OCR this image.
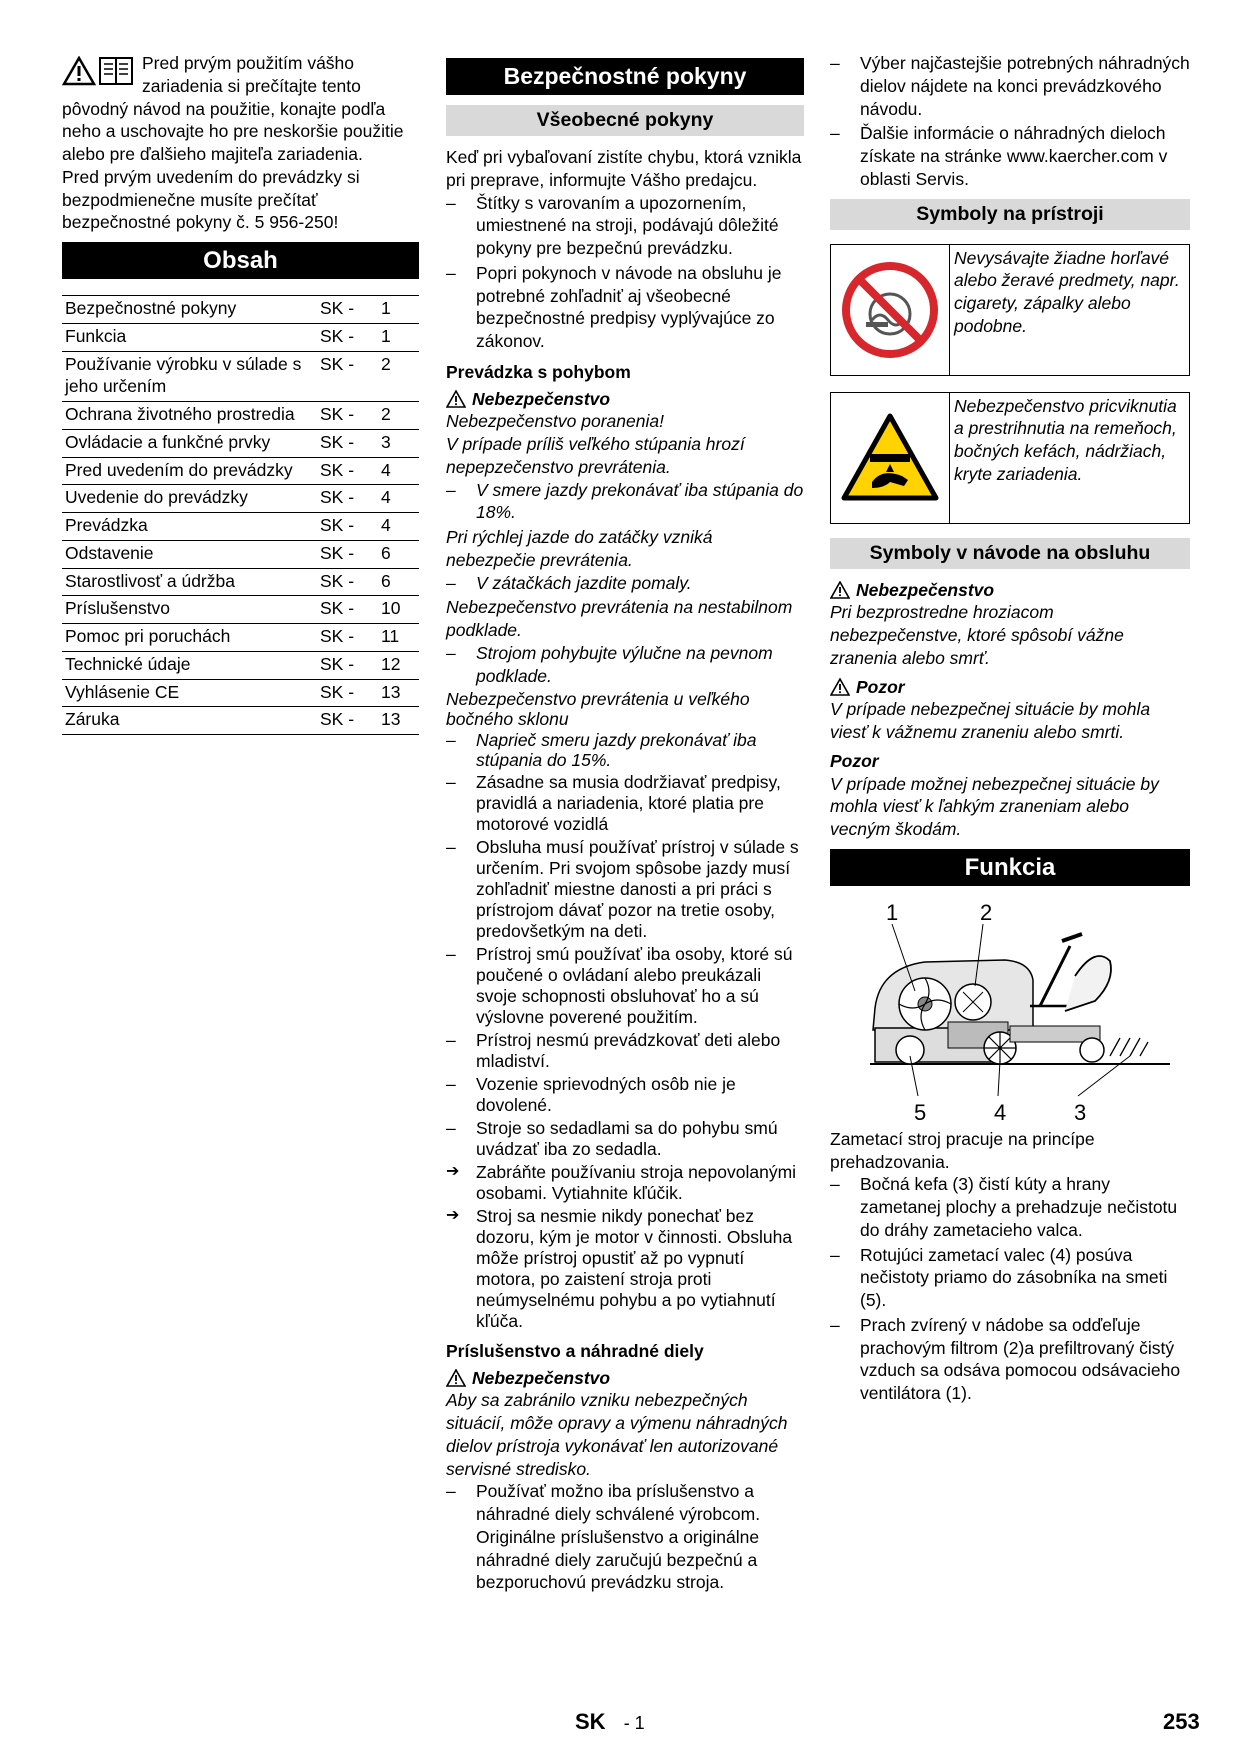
Pred prvým použitím vášho zariadenia si prečítajte tento pôvodný návod na použitie, konajte podľa neho a uschovajte ho pre neskoršie použitie alebo pre ďalšieho majiteľa zariadenia.

Pred prvým uvedením do prevádzky si bezpodmienečne musíte prečítať bezpečnostné pokyny č. 5 956-250!

Obsah
Bezpečnostné pokyny	SK -	1
Funkcia	SK -	1
Používanie výrobku v súlade s jeho určením	SK -	2
Ochrana životného prostredia	SK -	2
Ovládacie a funkčné prvky	SK -	3
Pred uvedením do prevádzky	SK -	4
Uvedenie do prevádzky	SK -	4
Prevádzka	SK -	4
Odstavenie	SK -	6
Starostlivosť a údržba	SK -	6
Príslušenstvo	SK -	10
Pomoc pri poruchách	SK -	11
Technické údaje	SK -	12
Vyhlásenie CE	SK -	13
Záruka	SK -	13
Bezpečnostné pokyny
Všeobecné pokyny

Keď pri vybaľovaní zistíte chybu, ktorá vznikla pri preprave, informujte Vášho predajcu.

– Štítky s varovaním a upozornením, umiestnené na stroji, podávajú dôležité pokyny pre bezpečnú prevádzku.
– Popri pokynoch v návode na obsluhu je potrebné zohľadniť aj všeobecné bezpečnostné predpisy vyplývajúce zo zákonov.
Prevádzka s pohybom
Nebezpečenstvo

Nebezpečenstvo poranenia!

V prípade príliš veľkého stúpania hrozí nepepzečenstvo prevrátenia.

– V smere jazdy prekonávať iba stúpania do 18%.

Pri rýchlej jazde do zatáčky vzniká nebezpečie prevrátenia.

– V zátačkách jazdite pomaly.

Nebezpečenstvo prevrátenia na nestabilnom podklade.

– Strojom pohybujte výlučne na pevnom podklade.

Nebezpečenstvo prevrátenia u veľkého bočného sklonu

– Naprieč smeru jazdy prekonávať iba stúpania do 15%.
– Zásadne sa musia dodržiavať predpisy, pravidlá a nariadenia, ktoré platia pre motorové vozidlá
– Obsluha musí používať prístroj v súlade s určením. Pri svojom spôsobe jazdy musí zohľadniť miestne danosti a pri práci s prístrojom dávať pozor na tretie osoby, predovšetkým na deti.
– Prístroj smú používať iba osoby, ktoré sú poučené o ovládaní alebo preukázali svoje schopnosti obsluhovať ho a sú výslovne poverené použitím.
– Prístroj nesmú prevádzkovať deti alebo mladiství.
– Vozenie sprievodných osôb nie je dovolené.
– Stroje so sedadlami sa do pohybu smú uvádzať iba zo sedadla.
➔ Zabráňte používaniu stroja nepovolanými osobami. Vytiahnite kľúčik.
➔ Stroj sa nesmie nikdy ponechať bez dozoru, kým je motor v činnosti. Obsluha môže prístroj opustiť až po vypnutí motora, po zaistení stroja proti neúmyselnému pohybu a po vytiahnutí kľúča.
Príslušenstvo a náhradné diely
Nebezpečenstvo

Aby sa zabránilo vzniku nebezpečných situácií, môže opravy a výmenu náhradných dielov prístroja vykonávať len autorizované servisné stredisko.

– Používať možno iba príslušenstvo a náhradné diely schválené výrobcom. Originálne príslušenstvo a originálne náhradné diely zaručujú bezpečnú a bezporuchovú prevádzku stroja.
– Výber najčastejšie potrebných náhradných dielov nájdete na konci prevádzkového návodu.
– Ďalšie informácie o náhradných dieloch získate na stránke www.kaercher.com v oblasti Servis.
Symboly na prístroji
Nevysávajte žiadne horľavé alebo žeravé predmety, napr. cigarety, zápalky alebo podobne.
Nebezpečenstvo pricviknutia a prestrihnutia na remeňoch, bočných kefách, nádržiach, kryte zariadenia.
Symboly v návode na obsluhu
Nebezpečenstvo

Pri bezprostredne hroziacom nebezpečenstve, ktoré spôsobí vážne zranenia alebo smrť.

Pozor

V prípade nebezpečnej situácie by mohla viesť k vážnemu zraneniu alebo smrti.

Pozor

V prípade možnej nebezpečnej situácie by mohla viesť k ľahkým zraneniam alebo vecným škodám.

Funkcia
1	2
3
4
5

Zametací stroj pracuje na princípe prehadzovania.

– Bočná kefa (3) čistí kúty a hrany zametanej plochy a prehadzuje nečistotu do dráhy zametacieho valca.
– Rotujúci zametací valec (4) posúva nečistoty priamo do zásobníka na smeti (5).
– Prach zvírený v nádobe sa odďeľuje prachovým filtrom (2)a prefiltrovaný čistý vzduch sa odsáva pomocou odsávacieho ventilátora (1).
SK - 1	253
